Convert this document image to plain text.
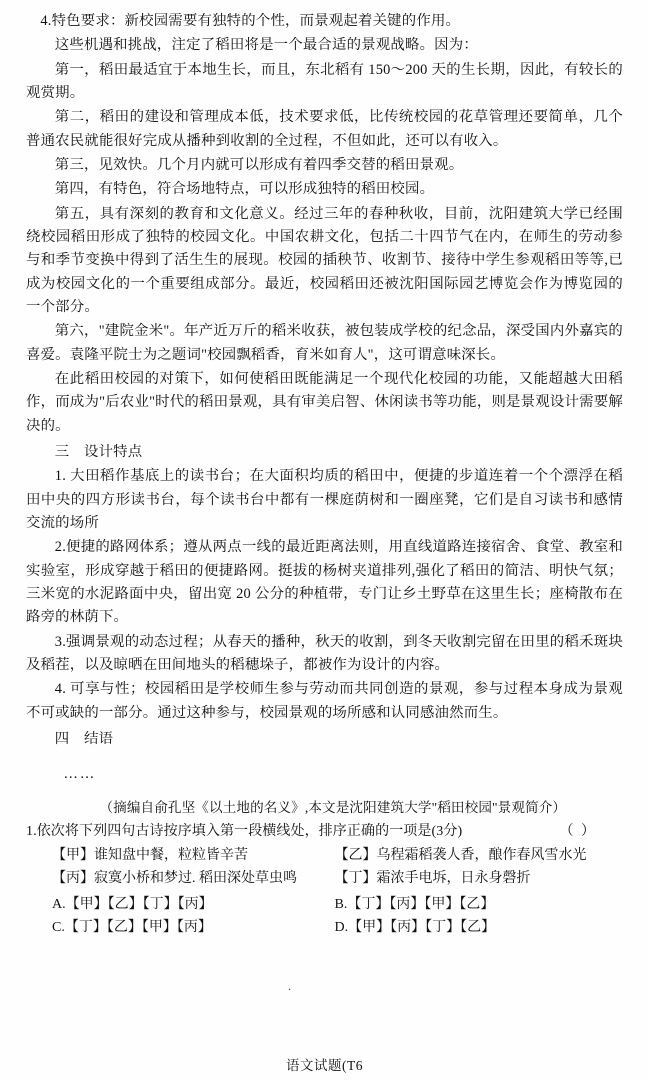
4.特色要求：新校园需要有独特的个性，而景观起着关键的作用。

这些机遇和挑战，注定了稻田将是一个最合适的景观战略。因为：

第一，稻田最适宜于本地生长，而且，东北稻有 150～200 天的生长期，因此，有较长的观赏期。

第二，稻田的建设和管理成本低，技术要求低，比传统校园的花草管理还要简单，几个普通农民就能很好完成从播种到收割的全过程，不但如此，还可以有收入。

第三，见效快。几个月内就可以形成有着四季交替的稻田景观。

第四，有特色，符合场地特点，可以形成独特的稻田校园。

第五，具有深刻的教育和文化意义。经过三年的春种秋收，目前，沈阳建筑大学已经围绕校园稻田形成了独特的校园文化。中国农耕文化，包括二十四节气在内，在师生的劳动参与和季节变换中得到了活生生的展现。校园的插秧节、收割节、接待中学生参观稻田等等,已成为校园文化的一个重要组成部分。最近，校园稻田还被沈阳国际园艺博览会作为博览园的一个部分。

第六，"建院金米"。年产近万斤的稻米收获，被包装成学校的纪念品，深受国内外嘉宾的喜爱。袁隆平院士为之题词"校园飘稻香，育米如育人"，这可谓意味深长。

在此稻田校园的对策下，如何使稻田既能满足一个现代化校园的功能，又能超越大田稻作，而成为"后农业"时代的稻田景观，具有审美启智、休闲读书等功能，则是景观设计需要解决的。

三　设计特点

1. 大田稻作基底上的读书台；在大面积均质的稻田中，便捷的步道连着一个个漂浮在稻田中央的四方形读书台，每个读书台中都有一棵庭荫树和一圈座凳，它们是自习读书和感情交流的场所

2.便捷的路网体系；遵从两点一线的最近距离法则，用直线道路连接宿舍、食堂、教室和实验室，形成穿越于稻田的便捷路网。挺拔的杨树夹道排列,强化了稻田的简洁、明快气氛；三米宽的水泥路面中央，留出宽 20 公分的种植带，专门让乡土野草在这里生长；座椅散布在路旁的林荫下。

3.强调景观的动态过程；从春天的播种，秋天的收割，到冬天收割完留在田里的稻禾斑块及稻茬，以及晾晒在田间地头的稻穗垛子，都被作为设计的内容。

4. 可享与性；校园稻田是学校师生参与劳动而共同创造的景观，参与过程本身成为景观不可或缺的一部分。通过这种参与，校园景观的场所感和认同感油然而生。

四　结语

……

（摘编自俞孔坚《以土地的名义》,本文是沈阳建筑大学"稻田校园"景观简介）

1.依次将下列四句古诗按序填入第一段横线处，排序正确的一项是(3分)	（ ）
【甲】谁知盘中餐，粒粒皆辛苦	【乙】乌程霜稻袭人香，酿作春风雪水光
【丙】寂寞小桥和梦过. 稻田深处草虫鸣	【丁】霜浓手电坼，日永身磬折
A.【甲】【乙】【丁】【丙】	B.【丁】【丙】【甲】【乙】
C.【丁】【乙】【甲】【丙】	D.【甲】【丙】【丁】【乙】
.
语文试题(T6
